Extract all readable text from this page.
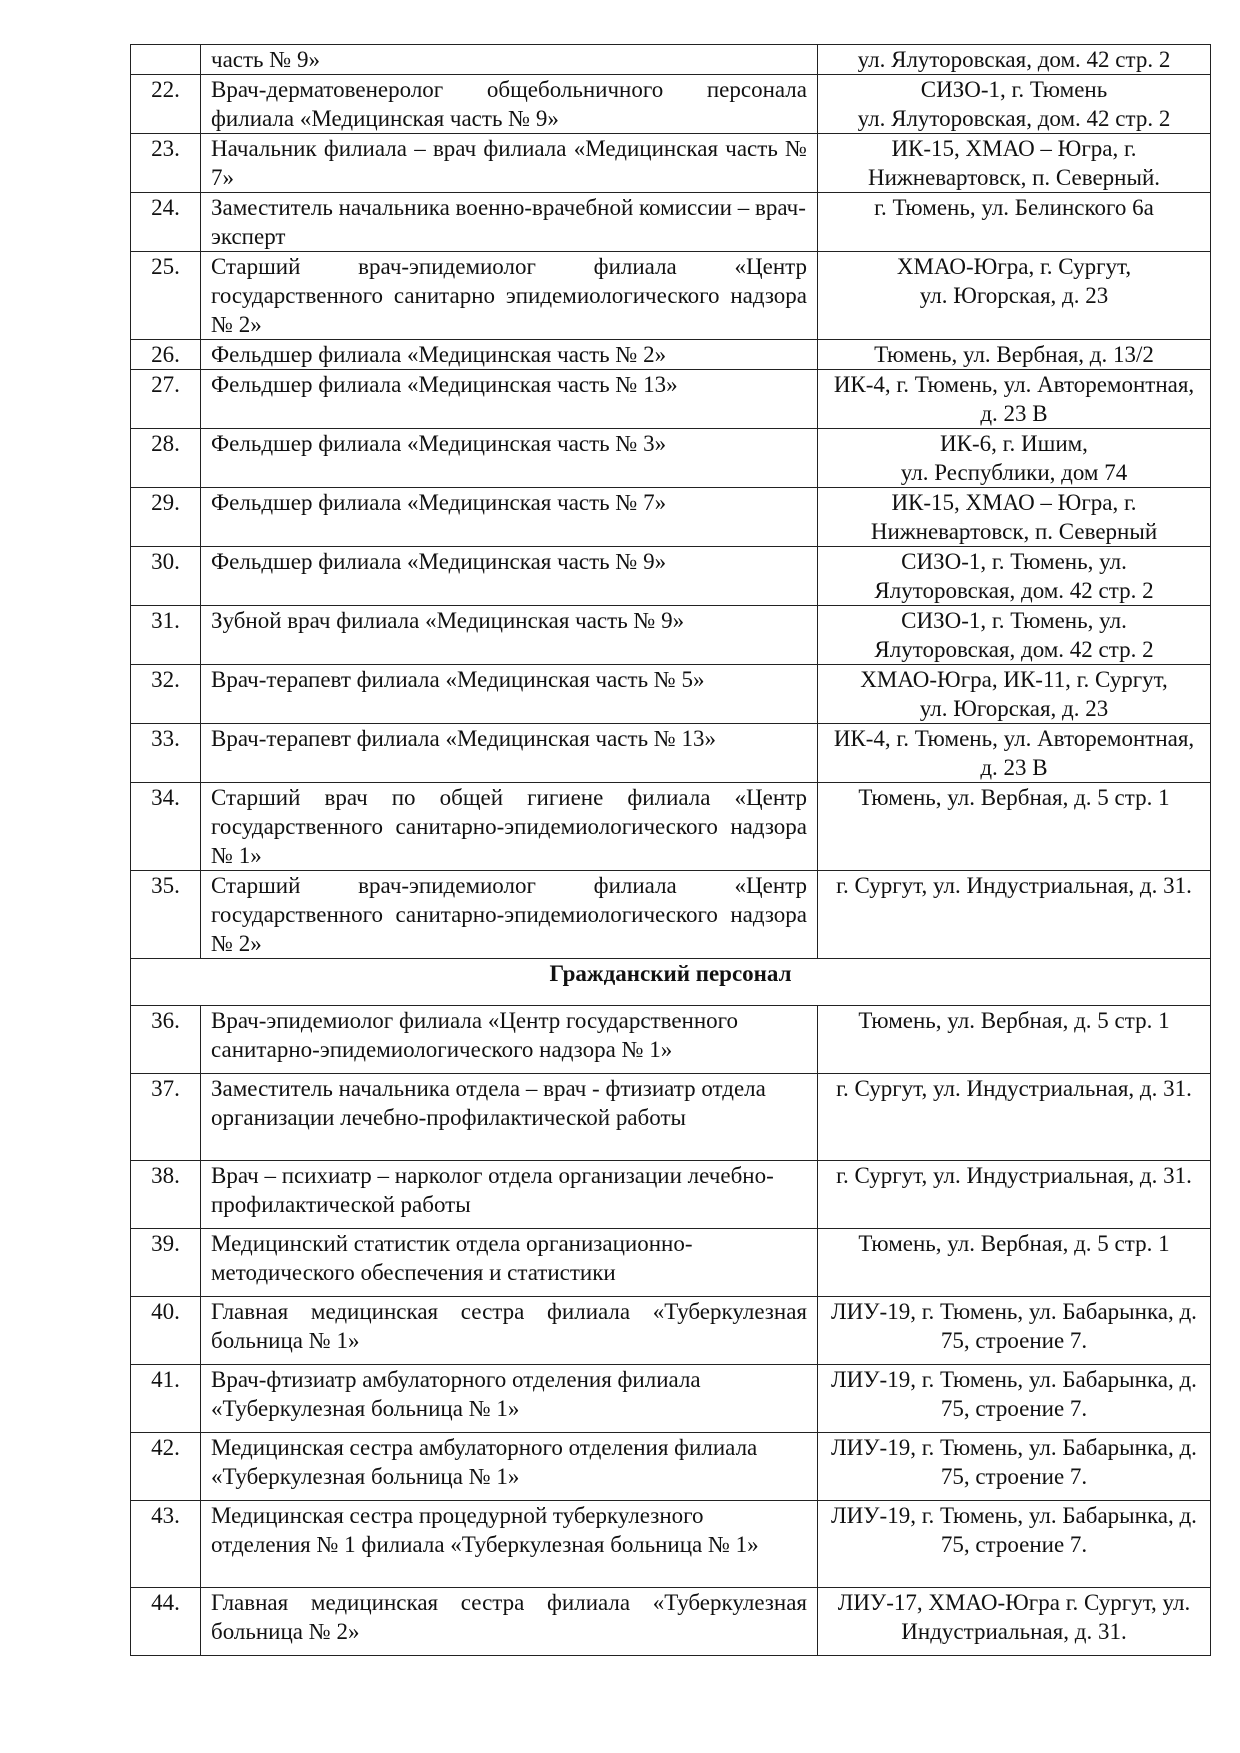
	часть № 9»	ул. Ялуторовская, дом. 42 стр. 2

22.	Врач-дерматовенеролог общебольничного персонала филиала «Медицинская часть № 9»	СИЗО-1, г. Тюмень
ул. Ялуторовская, дом. 42 стр. 2

23.	Начальник филиала – врач филиала «Медицинская часть № 7»	ИК-15, ХМАО – Югра, г. Нижневартовск, п. Северный.

24.	Заместитель начальника военно-врачебной комиссии – врач-эксперт	г. Тюмень, ул. Белинского 6а

25.	Старший врач-эпидемиолог филиала «Центр государственного санитарно эпидемиологического надзора № 2»	ХМАО-Югра, г. Сургут,
ул. Югорская, д. 23

26.	Фельдшер филиала «Медицинская часть № 2»	Тюмень, ул. Вербная, д. 13/2

27.	Фельдшер филиала «Медицинская часть № 13»	ИК-4, г. Тюмень, ул. Авторемонтная, д. 23 В

28.	Фельдшер филиала «Медицинская часть № 3»	ИК-6, г. Ишим,
ул. Республики, дом 74

29.	Фельдшер филиала «Медицинская часть № 7»	ИК-15, ХМАО – Югра, г. Нижневартовск, п. Северный

30.	Фельдшер филиала «Медицинская часть № 9»	СИЗО-1, г. Тюмень, ул. Ялуторовская, дом. 42 стр. 2

31.	Зубной врач филиала «Медицинская часть № 9»	СИЗО-1, г. Тюмень, ул. Ялуторовская, дом. 42 стр. 2

32.	Врач-терапевт филиала «Медицинская часть № 5»	ХМАО-Югра, ИК-11, г. Сургут,
ул. Югорская, д. 23

33.	Врач-терапевт филиала «Медицинская часть № 13»	ИК-4, г. Тюмень, ул. Авторемонтная, д. 23 В

34.	Старший врач по общей гигиене филиала «Центр государственного санитарно-эпидемиологического надзора № 1»	Тюмень, ул. Вербная, д. 5 стр. 1

35.	Старший врач-эпидемиолог филиала «Центр государственного санитарно-эпидемиологического надзора № 2»	г. Сургут, ул. Индустриальная, д. 31.

Гражданский персонал		
36.	Врач-эпидемиолог филиала «Центр государственного санитарно-эпидемиологического надзора № 1»	Тюмень, ул. Вербная, д. 5 стр. 1

37.	Заместитель начальника отдела – врач - фтизиатр отдела организации лечебно-профилактической работы	г. Сургут, ул. Индустриальная, д. 31.

38.	Врач – психиатр – нарколог отдела организации лечебно-профилактической работы	г. Сургут, ул. Индустриальная, д. 31.

39.	Медицинский статистик отдела организационно-методического обеспечения и статистики	Тюмень, ул. Вербная, д. 5 стр. 1

40.	Главная медицинская сестра филиала «Туберкулезная больница № 1»	ЛИУ-19, г. Тюмень, ул. Бабарынка, д. 75, строение 7.

41.	Врач-фтизиатр амбулаторного отделения филиала «Туберкулезная больница № 1»	ЛИУ-19, г. Тюмень, ул. Бабарынка, д. 75, строение 7.

42.	Медицинская сестра амбулаторного отделения филиала «Туберкулезная больница № 1»	ЛИУ-19, г. Тюмень, ул. Бабарынка, д. 75, строение 7.

43.	Медицинская сестра процедурной туберкулезного отделения № 1 филиала «Туберкулезная больница № 1»	ЛИУ-19, г. Тюмень, ул. Бабарынка, д. 75, строение 7.

44.	Главная медицинская сестра филиала «Туберкулезная больница № 2»	ЛИУ-17, ХМАО-Югра г. Сургут, ул. Индустриальная, д. 31.
